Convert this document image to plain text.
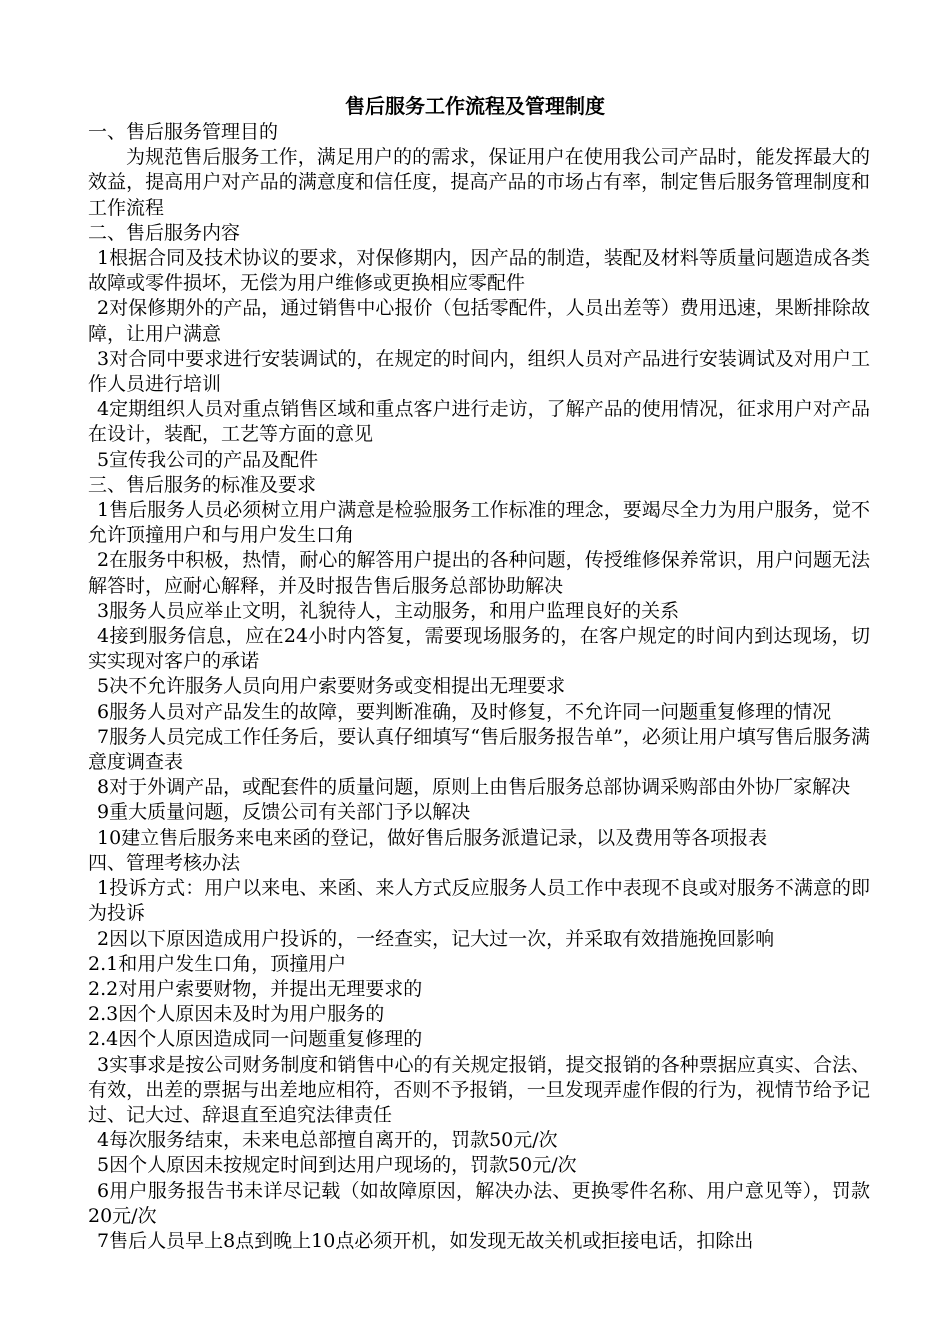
售后服务工作流程及管理制度

一、售后服务管理目的

为规范售后服务工作，满足用户的的需求，保证用户在使用我公司产品时，能发挥最大的效益，提高用户对产品的满意度和信任度，提高产品的市场占有率，制定售后服务管理制度和工作流程

二、售后服务内容

1根据合同及技术协议的要求，对保修期内，因产品的制造，装配及材料等质量问题造成各类故障或零件损坏，无偿为用户维修或更换相应零配件

2对保修期外的产品，通过销售中心报价（包括零配件，人员出差等）费用迅速，果断排除故障，让用户满意

3对合同中要求进行安装调试的，在规定的时间内，组织人员对产品进行安装调试及对用户工作人员进行培训

4定期组织人员对重点销售区域和重点客户进行走访，了解产品的使用情况，征求用户对产品在设计，装配，工艺等方面的意见

5宣传我公司的产品及配件

三、售后服务的标准及要求

1售后服务人员必须树立用户满意是检验服务工作标准的理念，要竭尽全力为用户服务，觉不允许顶撞用户和与用户发生口角

2在服务中积极，热情，耐心的解答用户提出的各种问题，传授维修保养常识，用户问题无法解答时，应耐心解释，并及时报告售后服务总部协助解决

3服务人员应举止文明，礼貌待人，主动服务，和用户监理良好的关系

4接到服务信息，应在24小时内答复，需要现场服务的，在客户规定的时间内到达现场，切实实现对客户的承诺

5决不允许服务人员向用户索要财务或变相提出无理要求

6服务人员对产品发生的故障，要判断准确，及时修复，不允许同一问题重复修理的情况

7服务人员完成工作任务后，要认真仔细填写“售后服务报告单”，必须让用户填写售后服务满意度调查表

8对于外调产品，或配套件的质量问题，原则上由售后服务总部协调采购部由外协厂家解决

9重大质量问题，反馈公司有关部门予以解决

10建立售后服务来电来函的登记，做好售后服务派遣记录，以及费用等各项报表

四、管理考核办法

1投诉方式：用户以来电、来函、来人方式反应服务人员工作中表现不良或对服务不满意的即为投诉

2因以下原因造成用户投诉的，一经查实，记大过一次，并采取有效措施挽回影响

2.1和用户发生口角，顶撞用户

2.2对用户索要财物，并提出无理要求的

2.3因个人原因未及时为用户服务的

2.4因个人原因造成同一问题重复修理的

3实事求是按公司财务制度和销售中心的有关规定报销，提交报销的各种票据应真实、合法、有效，出差的票据与出差地应相符，否则不予报销，一旦发现弄虚作假的行为，视情节给予记过、记大过、辞退直至追究法律责任

4每次服务结束，未来电总部擅自离开的，罚款50元/次

5因个人原因未按规定时间到达用户现场的，罚款50元/次

6用户服务报告书未详尽记载（如故障原因，解决办法、更换零件名称、用户意见等），罚款20元/次

7售后人员早上8点到晚上10点必须开机，如发现无故关机或拒接电话，扣除出
